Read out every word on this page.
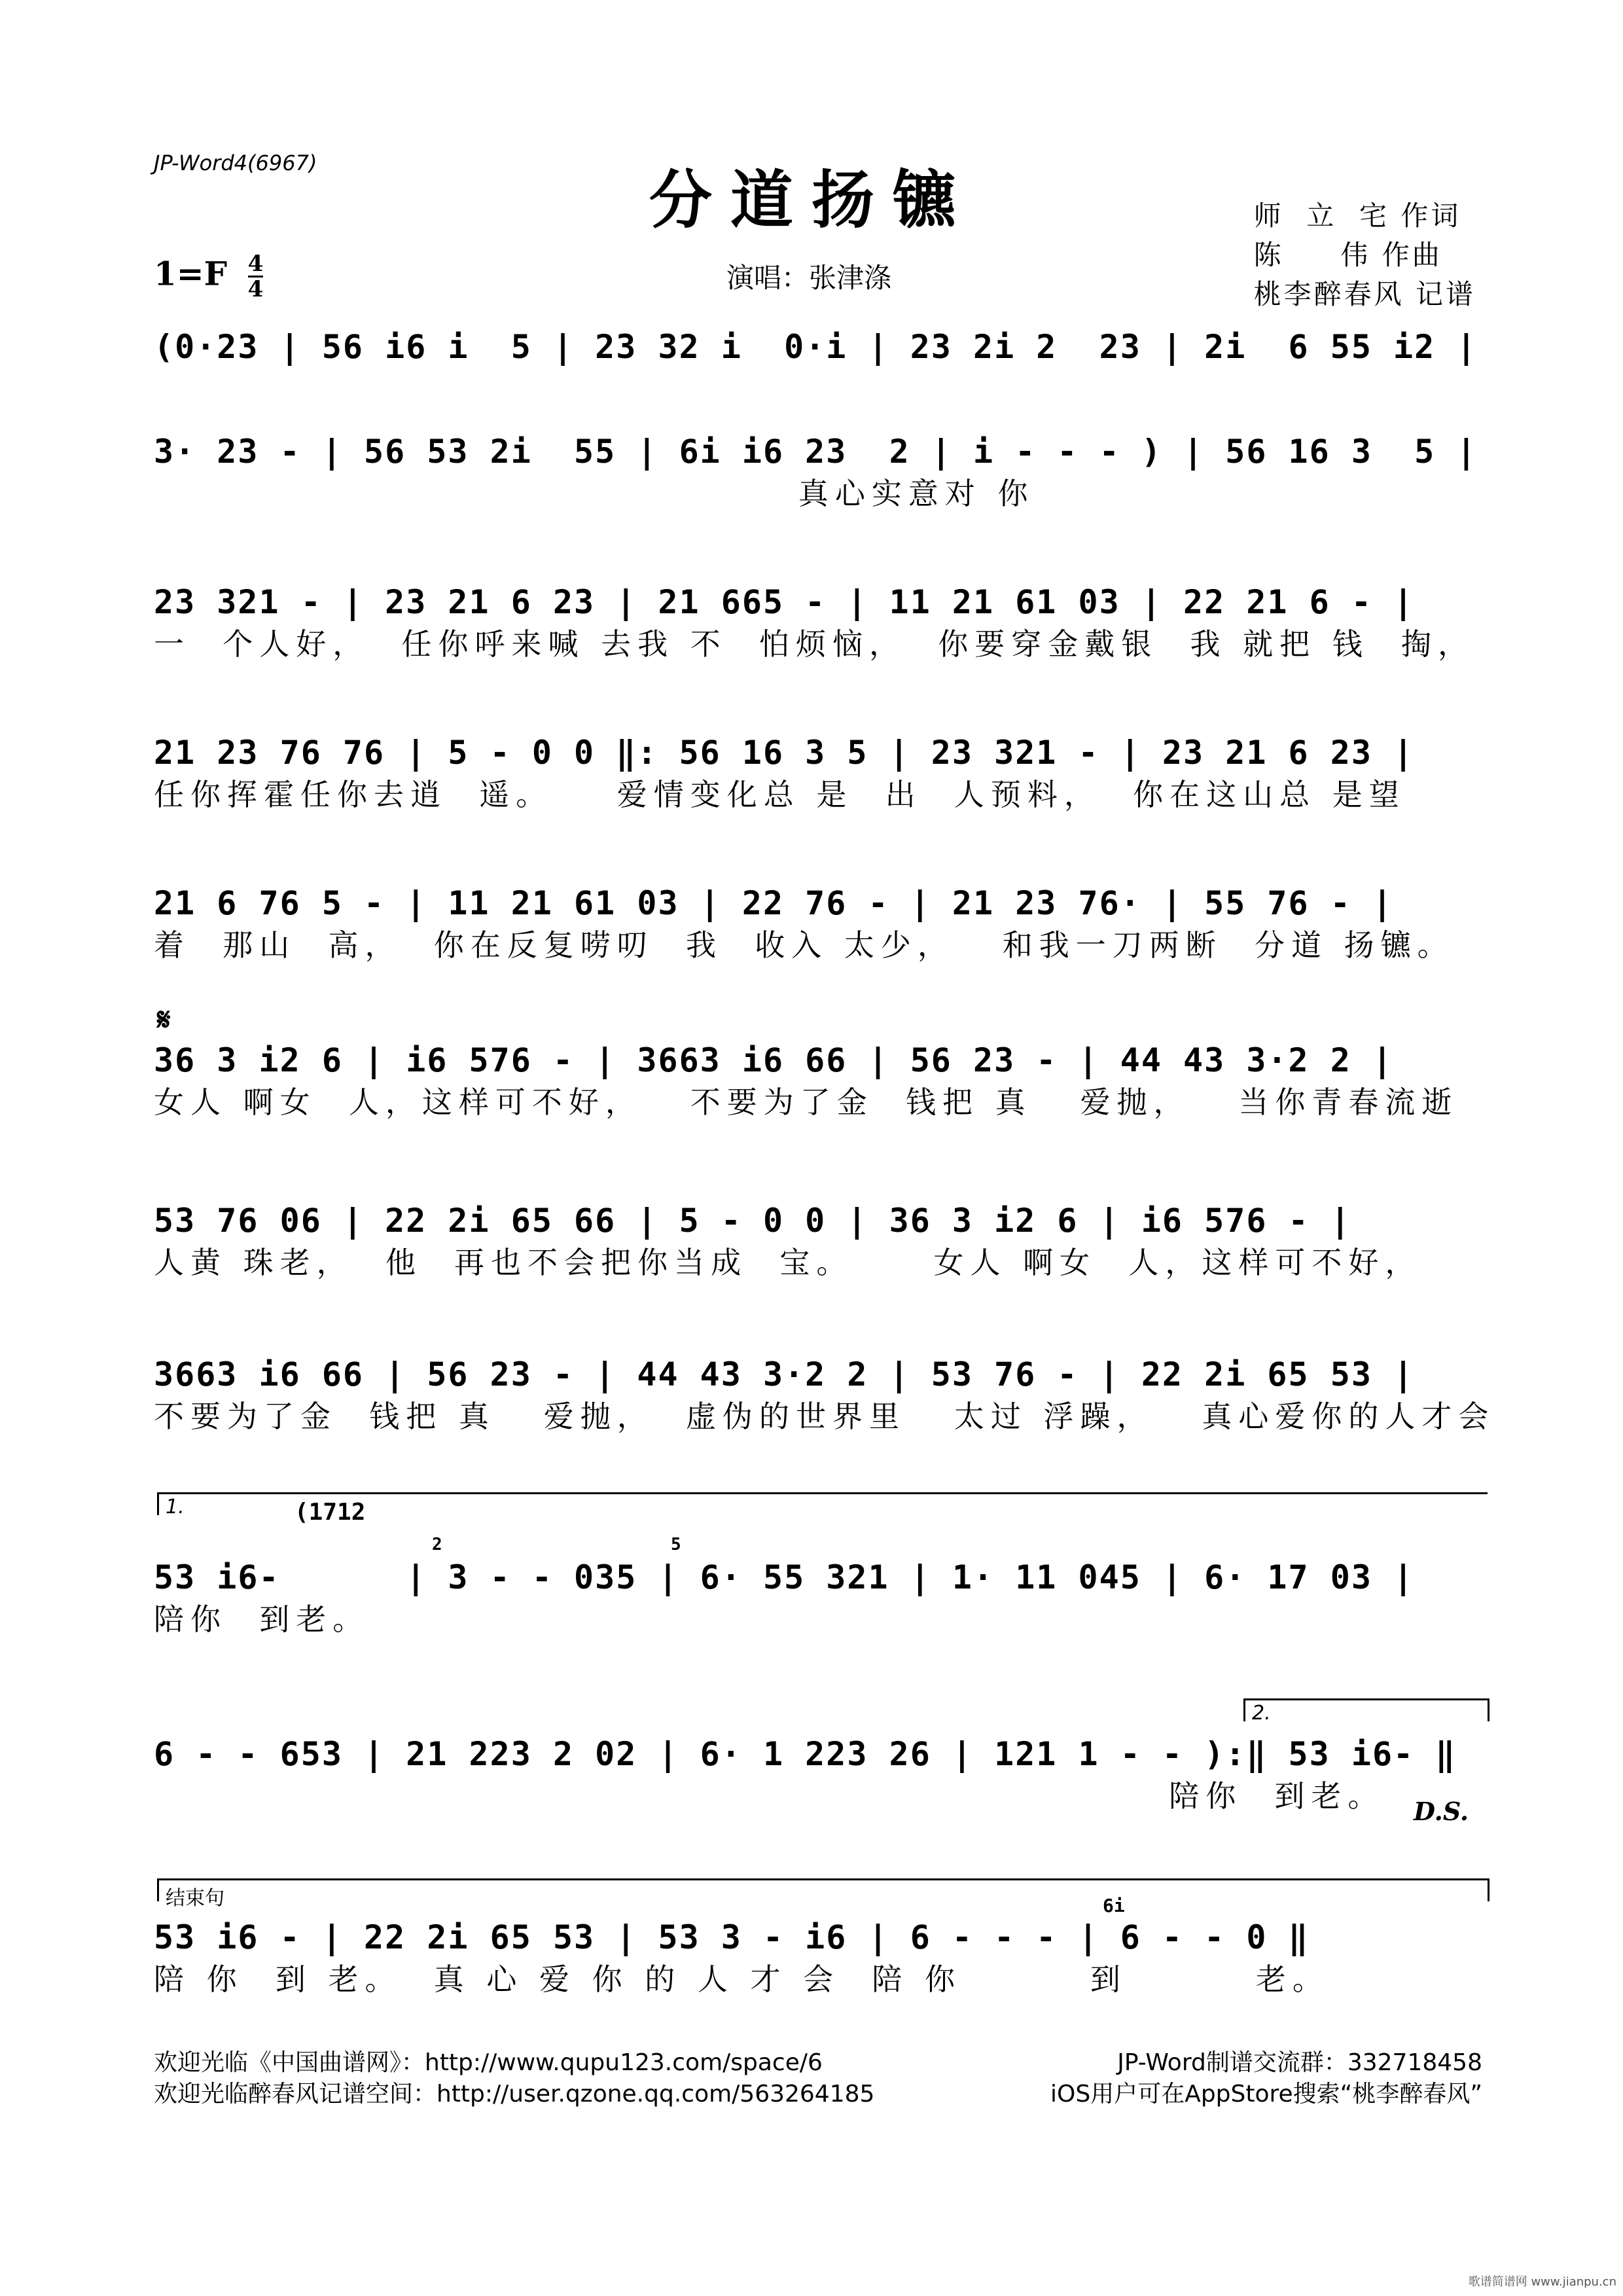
JP-Word4(6967)	分道扬镳
$1=F \frac{4}{4}$	演唱：张津涤
师  立  宅 作词
陈     伟 作曲
桃李醉春风 记谱
(0·23 | 56 i6 i  5 | 23 32 i  0·i | 23 2i 2  23 | 2i  6 55 i2 |
3· 23 - | 56 53 2i  55 | 6i i6 23  2 | i - - - ) | 56 16 3  5 |
真心实意对 你
23 321 - | 23 21 6 23 | 21 665 - | 11 21 61 03 | 22 21 6 - |
一  个人好，  任你呼来喊 去我 不  怕烦恼，  你要穿金戴银  我 就把 钱  掏，
21 23 76 76 | 5 - 0 0 ‖: 56 16 3 5 | 23 321 - | 23 21 6 23 |
任你挥霍任你去逍  遥。    爱情变化总 是  出  人预料，  你在这山总 是望
21 6 76 5 - | 11 21 61 03 | 22 76 - | 21 23 76· | 55 76 - |
着  那山  高，  你在反复唠叨  我  收入 太少，   和我一刀两断  分道 扬镳。
𝄋
36 3 i2 6 | i6 576 - | 3663 i6 66 | 56 23 - | 44 43 3·2 2 |
女人 啊女  人，这样可不好，   不要为了金  钱把 真   爱抛，   当你青春流逝
53 76 06 | 22 2i 65 66 | 5 - 0 0 | 36 3 i2 6 | i6 576 - |
人黄 珠老，  他  再也不会把你当成  宝。     女人 啊女  人，这样可不好，
3663 i6 66 | 56 23 - | 44 43 3·2 2 | 53 76 - | 22 2i 65 53 |
不要为了金  钱把 真   爱抛，  虚伪的世界里   太过 浮躁，   真心爱你的人才会
1.	(1712
2	5
53 i6-      | 3 - - 035 | 6· 55 321 | 1· 11 045 | 6· 17 03 |
陪你  到老。
2.
6 - - 653 | 21 223 2 02 | 6· 1 223 26 | 121 1 - - ):‖ 53 i6- ‖
陪你  到老。	D.S.
结束句	6i
53 i6 - | 22 2i 65 53 | 53 3 - i6 | 6 - - - | 6 - - 0 ‖
陪 你  到 老。  真 心 爱 你 的 人 才 会  陪 你        到        老。
欢迎光临《中国曲谱网》：http://www.qupu123.com/space/6	JP-Word制谱交流群：332718458
欢迎光临醉春风记谱空间：http://user.qzone.qq.com/563264185	iOS用户可在AppStore搜索“桃李醉春风”
歌谱简谱网 www.jianpu.cn
